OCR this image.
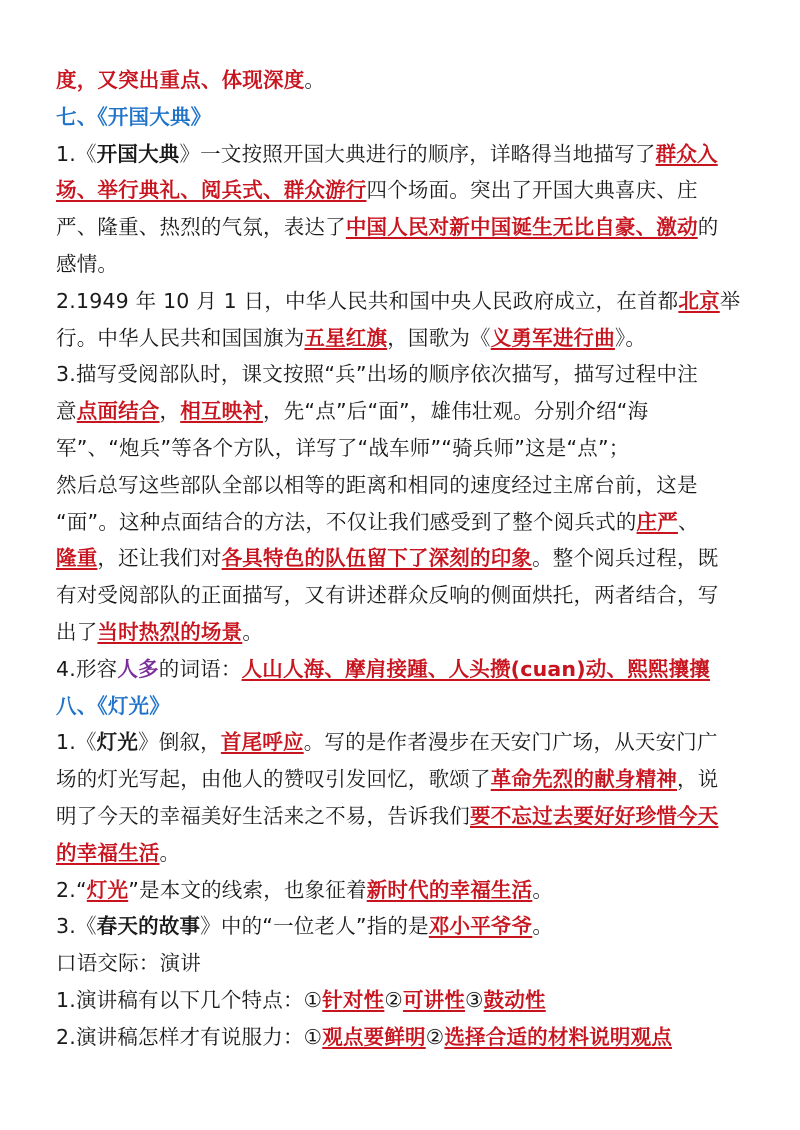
度，又突出重点、体现深度。
七、《开国大典》
1.《开国大典》一文按照开国大典进行的顺序，详略得当地描写了群众入
场、举行典礼、阅兵式、群众游行四个场面。突出了开国大典喜庆、庄
严、隆重、热烈的气氛，表达了中国人民对新中国诞生无比自豪、激动的
感情。
2.1949 年 10 月 1 日，中华人民共和国中央人民政府成立，在首都北京举
行。中华人民共和国国旗为五星红旗，国歌为《义勇军进行曲》。
3.描写受阅部队时，课文按照“兵”出场的顺序依次描写，描写过程中注
意点面结合，相互映衬，先“点”后“面”，雄伟壮观。分别介绍“海
军”、“炮兵”等各个方队，详写了“战车师”“骑兵师”这是“点”；
然后总写这些部队全部以相等的距离和相同的速度经过主席台前，这是
“面”。这种点面结合的方法，不仅让我们感受到了整个阅兵式的庄严、
隆重，还让我们对各具特色的队伍留下了深刻的印象。整个阅兵过程，既
有对受阅部队的正面描写，又有讲述群众反响的侧面烘托，两者结合，写
出了当时热烈的场景。
4.形容人多的词语：人山人海、摩肩接踵、人头攒(cuan)动、熙熙攘攘
八、《灯光》
1.《灯光》倒叙，首尾呼应。写的是作者漫步在天安门广场，从天安门广
场的灯光写起，由他人的赞叹引发回忆，歌颂了革命先烈的献身精神，说
明了今天的幸福美好生活来之不易，告诉我们要不忘过去要好好珍惜今天
的幸福生活。
2.“灯光”是本文的线索，也象征着新时代的幸福生活。
3.《春天的故事》中的“一位老人”指的是邓小平爷爷。
口语交际：演讲
1.演讲稿有以下几个特点：①针对性②可讲性③鼓动性
2.演讲稿怎样才有说服力：①观点要鲜明②选择合适的材料说明观点
